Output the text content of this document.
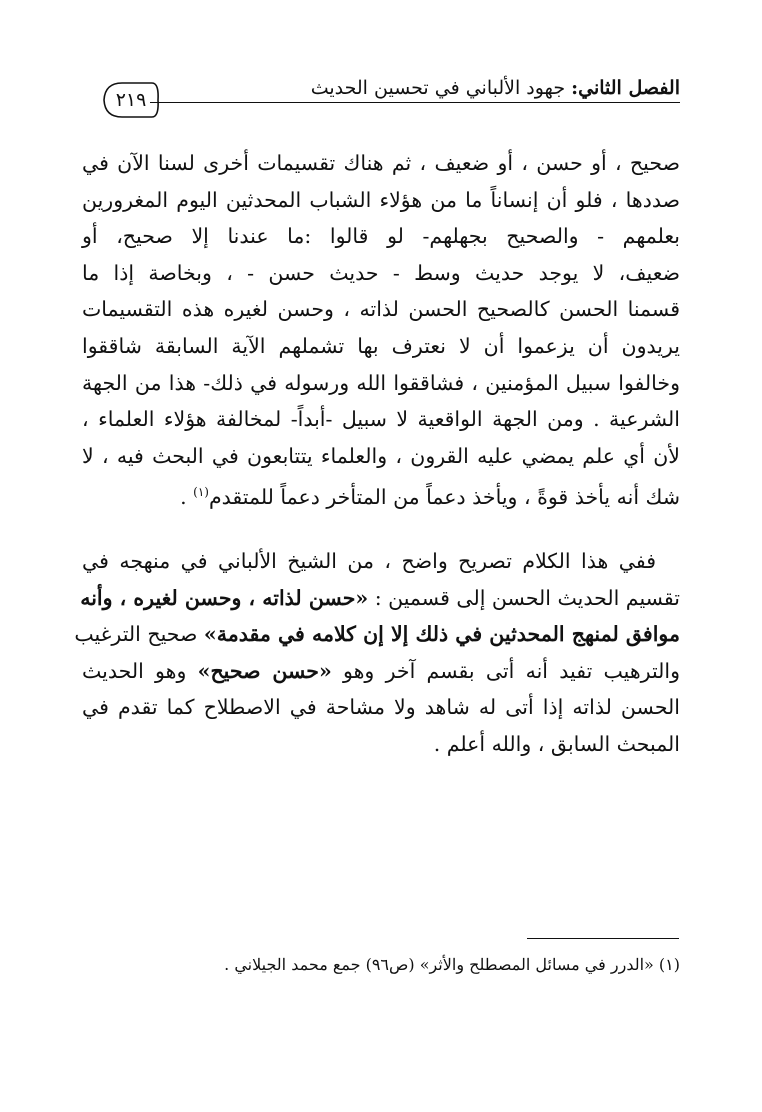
الفصل الثاني: جهود الألباني في تحسين الحديث
٢١٩
صحيح ، أو حسن ، أو ضعيف ، ثم هناك تقسيمات أخرى لسنا الآن في
صددها ، فلو أن إنساناً ما من هؤلاء الشباب المحدثين اليوم المغرورين
بعلمهم - والصحيح بجهلهم- لو قالوا :ما عندنا إلا صحيح، أو
ضعيف، لا يوجد حديث وسط - حديث حسن - ، وبخاصة إذا ما
قسمنا الحسن كالصحيح الحسن لذاته ، وحسن لغيره هذه التقسيمات
يريدون أن يزعموا أن لا نعترف بها تشملهم الآية السابقة شاققوا
وخالفوا سبيل المؤمنين ، فشاققوا الله ورسوله في ذلك- هذا من الجهة
الشرعية . ومن الجهة الواقعية لا سبيل -أبداً- لمخالفة هؤلاء العلماء ،
لأن أي علم يمضي عليه القرون ، والعلماء يتتابعون في البحث فيه ، لا
شك أنه يأخذ قوةً ، ويأخذ دعماً من المتأخر دعماً للمتقدم$^{(١)}$ .
ففي هذا الكلام تصريح واضح ، من الشيخ الألباني في منهجه في
تقسيم الحديث الحسن إلى قسمين : «حسن لذاته ، وحسن لغيره ، وأنه
موافق لمنهج المحدثين في ذلك إلا إن كلامه في مقدمة» صحيح الترغيب
والترهيب تفيد أنه أتى بقسم آخر وهو «حسن صحيح» وهو الحديث
الحسن لذاته إذا أتى له شاهد ولا مشاحة في الاصطلاح كما تقدم في
المبحث السابق ، والله أعلم .
(١) «الدرر في مسائل المصطلح والأثر» (ص٩٦) جمع محمد الجيلاني .
